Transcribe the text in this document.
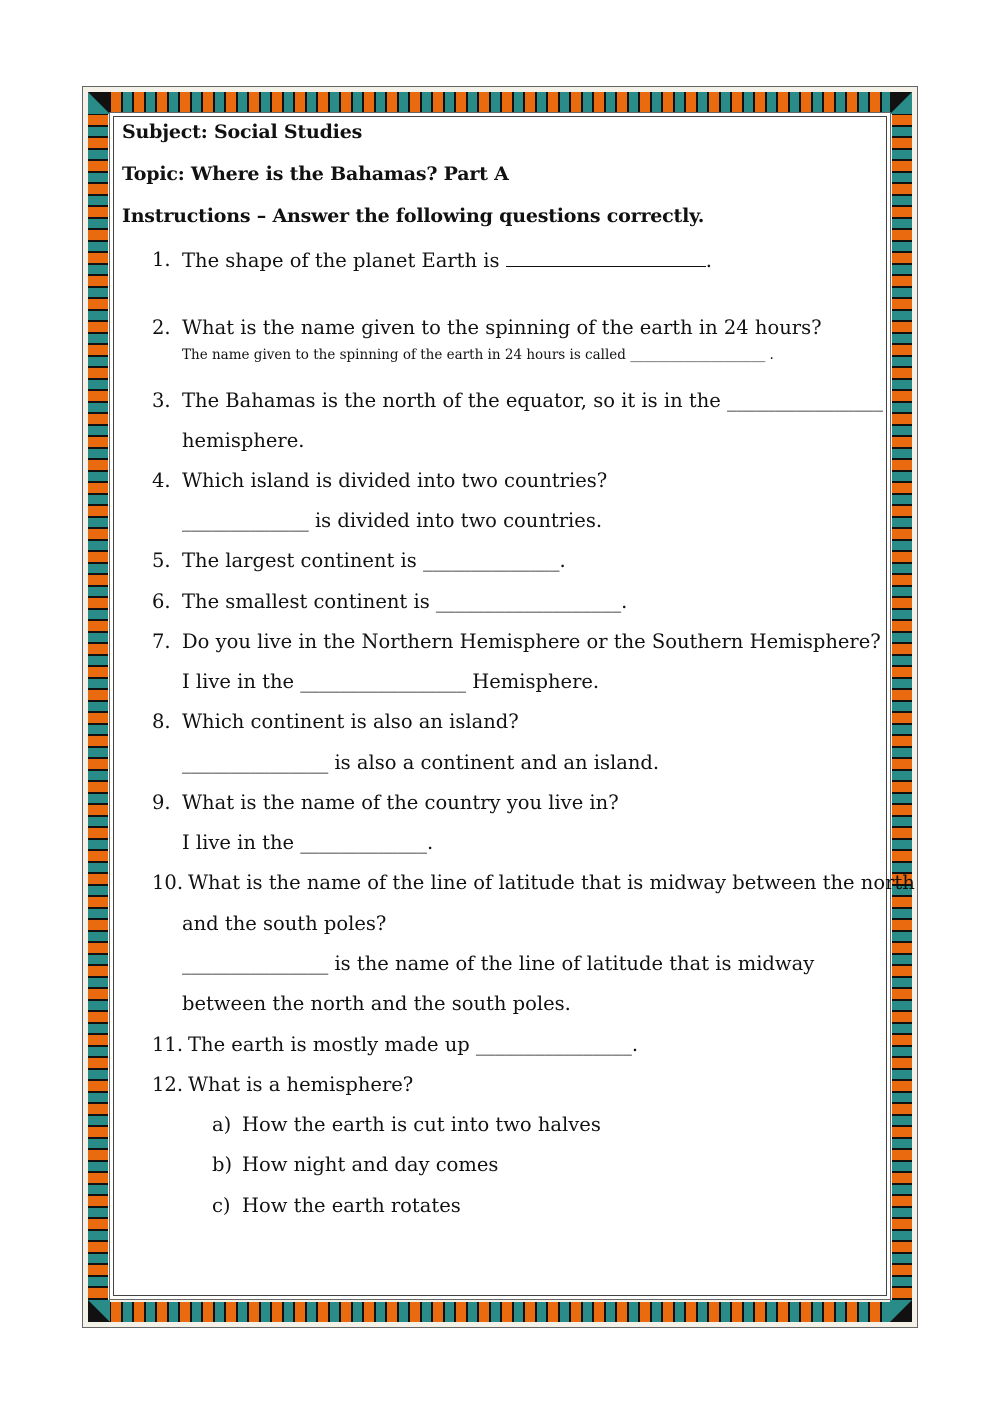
Subject: Social Studies
Topic: Where is the Bahamas? Part A
Instructions – Answer the following questions correctly.
1. The shape of the planet Earth is	.
2. What is the name given to the spinning of the earth in 24 hours?
The name given to the spinning of the earth in 24 hours is called ____________________ .
3. The Bahamas is the north of the equator, so it is in the ________________
hemisphere.
4. Which island is divided into two countries?
_____________ is divided into two countries.
5. The largest continent is ______________.
6. The smallest continent is ___________________.
7. Do you live in the Northern Hemisphere or the Southern Hemisphere?
I live in the _________________ Hemisphere.
8. Which continent is also an island?
_______________ is also a continent and an island.
9. What is the name of the country you live in?
I live in the _____________.
10. What is the name of the line of latitude that is midway between the north
and the south poles?
_______________ is the name of the line of latitude that is midway
between the north and the south poles.
11. The earth is mostly made up ________________.
12. What is a hemisphere?
a) How the earth is cut into two halves
b) How night and day comes
c) How the earth rotates
